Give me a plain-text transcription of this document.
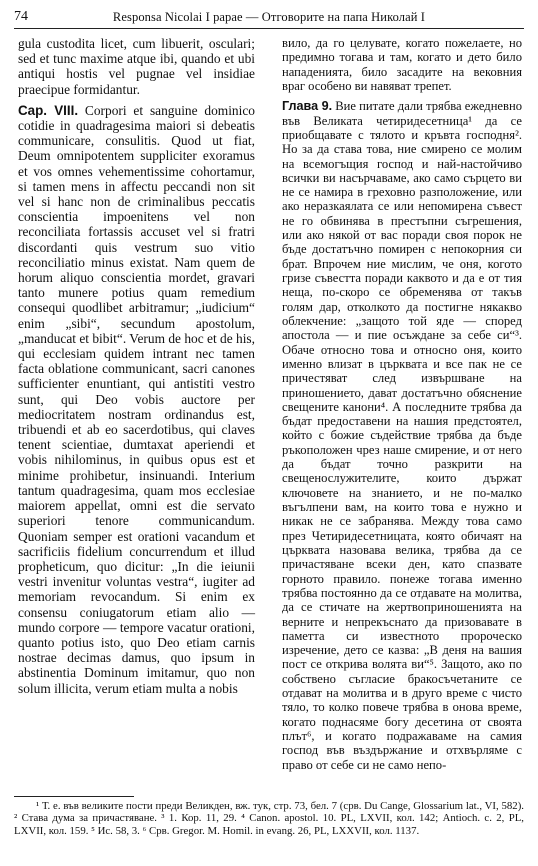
74	Responsa Nicolai I papae — Отговорите на папа Николай I

gula custodita licet, cum libuerit, osculari; sed et tunc maxime atque ibi, quando et ubi antiqui hostis vel pugnae vel insidiae praecipue formidantur.

Cap. VIII. Corpori et sanguine dominico cotidie in quadragesima maiori si debeatis communicare, consulitis. Quod ut fiat, Deum omnipotentem suppliciter exoramus et vos omnes vehementissime cohortamur, si tamen mens in affectu peccandi non sit vel si hanc non de criminalibus peccatis conscientia impoenitens vel non reconciliata fortassis accuset vel si fratri discordanti quis vestrum suo vitio reconciliatio minus existat. Nam quem de horum aliquo conscientia mordet, gravari tanto munere potius quam remedium consequi quodlibet arbitramur; „iudicium“ enim „sibi“, secundum apostolum, „manducat et bibit“. Verum de hoc et de his, qui ecclesiam quidem intrant nec tamen facta oblatione communicant, sacri canones sufficienter enuntiant, qui antistiti vestro sunt, qui Deo vobis auctore per mediocritatem nostram ordinandus est, tribuendi et ab eo sacerdotibus, qui claves tenent scientiae, dumtaxat aperiendi et vobis nihilominus, in quibus opus est et minime prohibetur, insinuandi. Interium tantum quadragesima, quam mos ecclesiae maiorem appellat, omni est die servato superiori tenore communicandum. Quoniam semper est orationi vacandum et sacrificiis fidelium concurrendum et illud propheticum, quo dicitur: „In die ieiunii vestri invenitur voluntas vestra“, iugiter ad memoriam revocandum. Si enim ex consensu coniugatorum etiam alio — mundo corpore — tempore vacatur orationi, quanto potius isto, quo Deo etiam carnis nostrae decimas damus, quo ipsum in abstinentia Dominum imitamur, quo non solum illicita, verum etiam multa a nobis

вило, да го целувате, когато пожелаете, но предимно тогава и там, когато и дето било нападенията, било засадите на вековния враг особено ви навяват трепет.

Глава 9. Вие питате дали трябва ежедневно във Великата четиридесетница¹ да се приобщавате с тялото и кръвта господня². Но за да става това, ние смирено се молим на всемогъщия господ и най-настойчиво всички ви насърчаваме, ако само сърцето ви не се намира в греховно разположение, или ако неразкаялата се или непомирена съвест не го обвинява в престъпни съгрешения, или ако някой от вас поради своя порок не бъде достатъчно помирен с непокорния си брат. Впрочем ние мислим, че оня, когото гризе съвестта поради каквото и да е от тия неща, по-скоро се обременява от такъв голям дар, отколкото да постигне някакво облекчение: „защото той яде — според апостола — и пие осъждане за себе си“³. Обаче относно това и относно оня, които именно влизат в църквата и все пак не се причестяват след извършване на приношението, дават достатъчно обяснение свещените канони⁴. А последните трябва да бъдат предоставени на нашия предстоятел, който с божие съдействие трябва да бъде ръкоположен чрез наше смирение, и от него да бъдат точно разкрити на свещенослужителите, които държат ключовете на знанието, и не по-малко въгълпени вам, на които това е нужно и никак не се забранява. Между това само през Четиридесетницата, която обичаят на църквата назовава велика, трябва да се причастяване всеки ден, като спазвате горното правило. понеже тогава именно трябва постоянно да се отдавате на молитва, да се стичате на жертвоприношенията на верните и непрекъснато да призовавате в паметта си известното пророческо изречение, дето се казва: „В деня на вашия пост се открива волята ви“⁵. Защото, ако по собствено съгласие бракосъчетаните се отдават на молитва и в друго време с чисто тяло, то колко повече трябва в онова време, когато поднасяме богу десетина от своята плът⁶, и когато подражаваме на самия господ във въздържание и отхвърляме с право от себе си не само непо-

¹ Т. е. във великите пости преди Великден, вж. тук, стр. 73, бел. 7 (срв. Du Cange, Glossarium lat., VI, 582). ² Става дума за причастяване. ³ 1. Кор. 11, 29. ⁴ Canon. apostol. 10. PL, LXVII, кол. 142; Antioch. c. 2, PL, LXVII, кол. 159. ⁵ Ис. 58, 3. ⁶ Срв. Gregor. M. Homil. in evang. 26, PL, LXXVII, кол. 1137.
